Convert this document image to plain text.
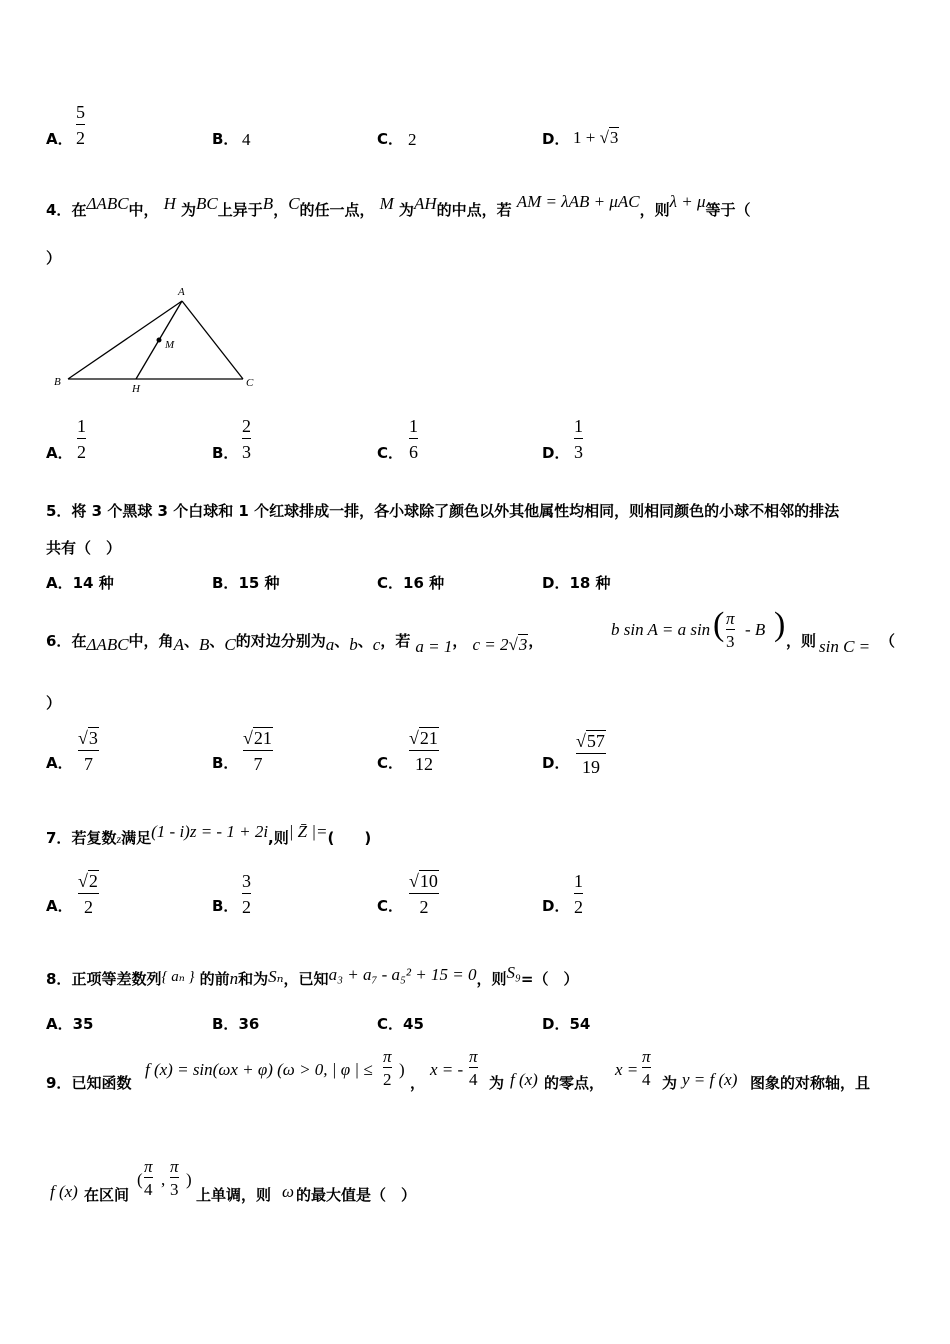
A．
5
2	B． 4	C． 2	D． 1 + √3
4．在ΔABC中， H 为BC上异于B，C的任一点， M 为AH的中点，若 AM = λAB + μAC，则λ + μ等于（
）
A
B	C
H
M
A．
1
2	B．
2
3	C．
1
6	D．
1
3
5．将 3 个黑球 3 个白球和 1 个红球排成一排，各小球除了颜色以外其他属性均相同，则相同颜色的小球不相邻的排法
共有（　）
A．14 种	B．15 种	C．16 种	D．18 种
6．在ΔABC中，角A、B、C的对边分别为a、b、c，若 a = 1， c = 2√3，
b sin A = a sin ( π
3
- B ) ，则 sin C = （
）
A．
√3
7	B．
√21
7	C．
√21
12	D．
√57
19
7．若复数z满足(1 - i)z = - 1 + 2i,则| Z̄ |=(　　)
A．
√2
2	B．
3
2	C．
√10
2	D．
1
2
8．正项等差数列{ aₙ } 的前n和为Sₙ，已知a₃ + a₇ - a₅² + 15 = 0，则S₉=（　）
A．35	B．36	C．45	D．54
9．已知函数
f (x) = sin(ωx + φ) (ω > 0, | φ | ≤
π
2
)
，
x = -
π
4 为 f (x) 的零点，
x =
π
4 为 y = f (x) 图象的对称轴，且
f (x) 在区间
(
π
4
,
π
3
)
上单调，则 ω 的最大值是（　）
